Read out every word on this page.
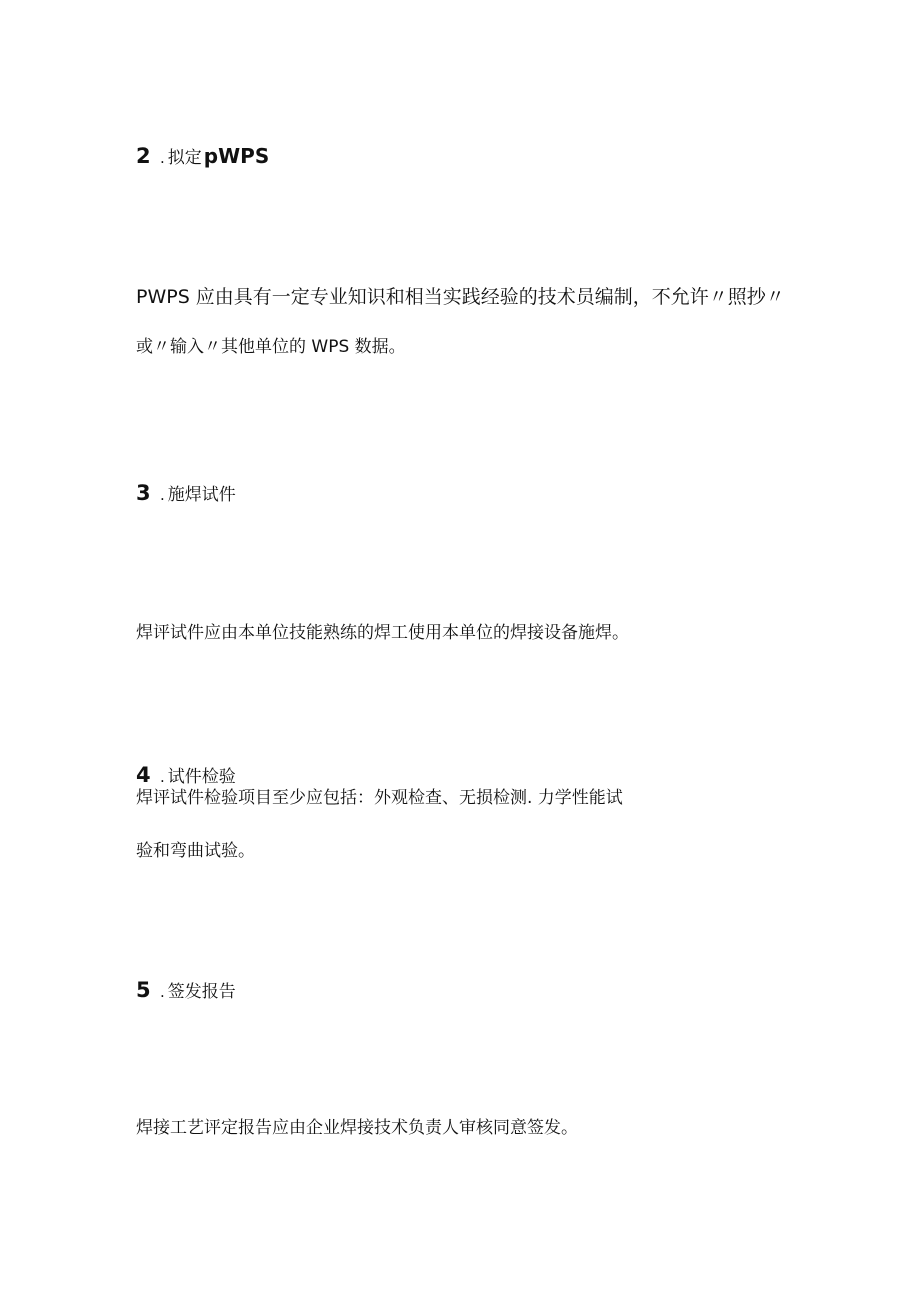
2 . 拟定 pWPS
PWPS 应由具有一定专业知识和相当实践经验的技术员编制，不允许〃照抄〃
或〃输入〃其他单位的 WPS 数据。
3 . 施焊试件
焊评试件应由本单位技能熟练的焊工使用本单位的焊接设备施焊。
4 . 试件检验
焊评试件检验项目至少应包括：外观检查、无损检测. 力学性能试
验和弯曲试验。
5 . 签发报告
焊接工艺评定报告应由企业焊接技术负责人审核同意签发。
